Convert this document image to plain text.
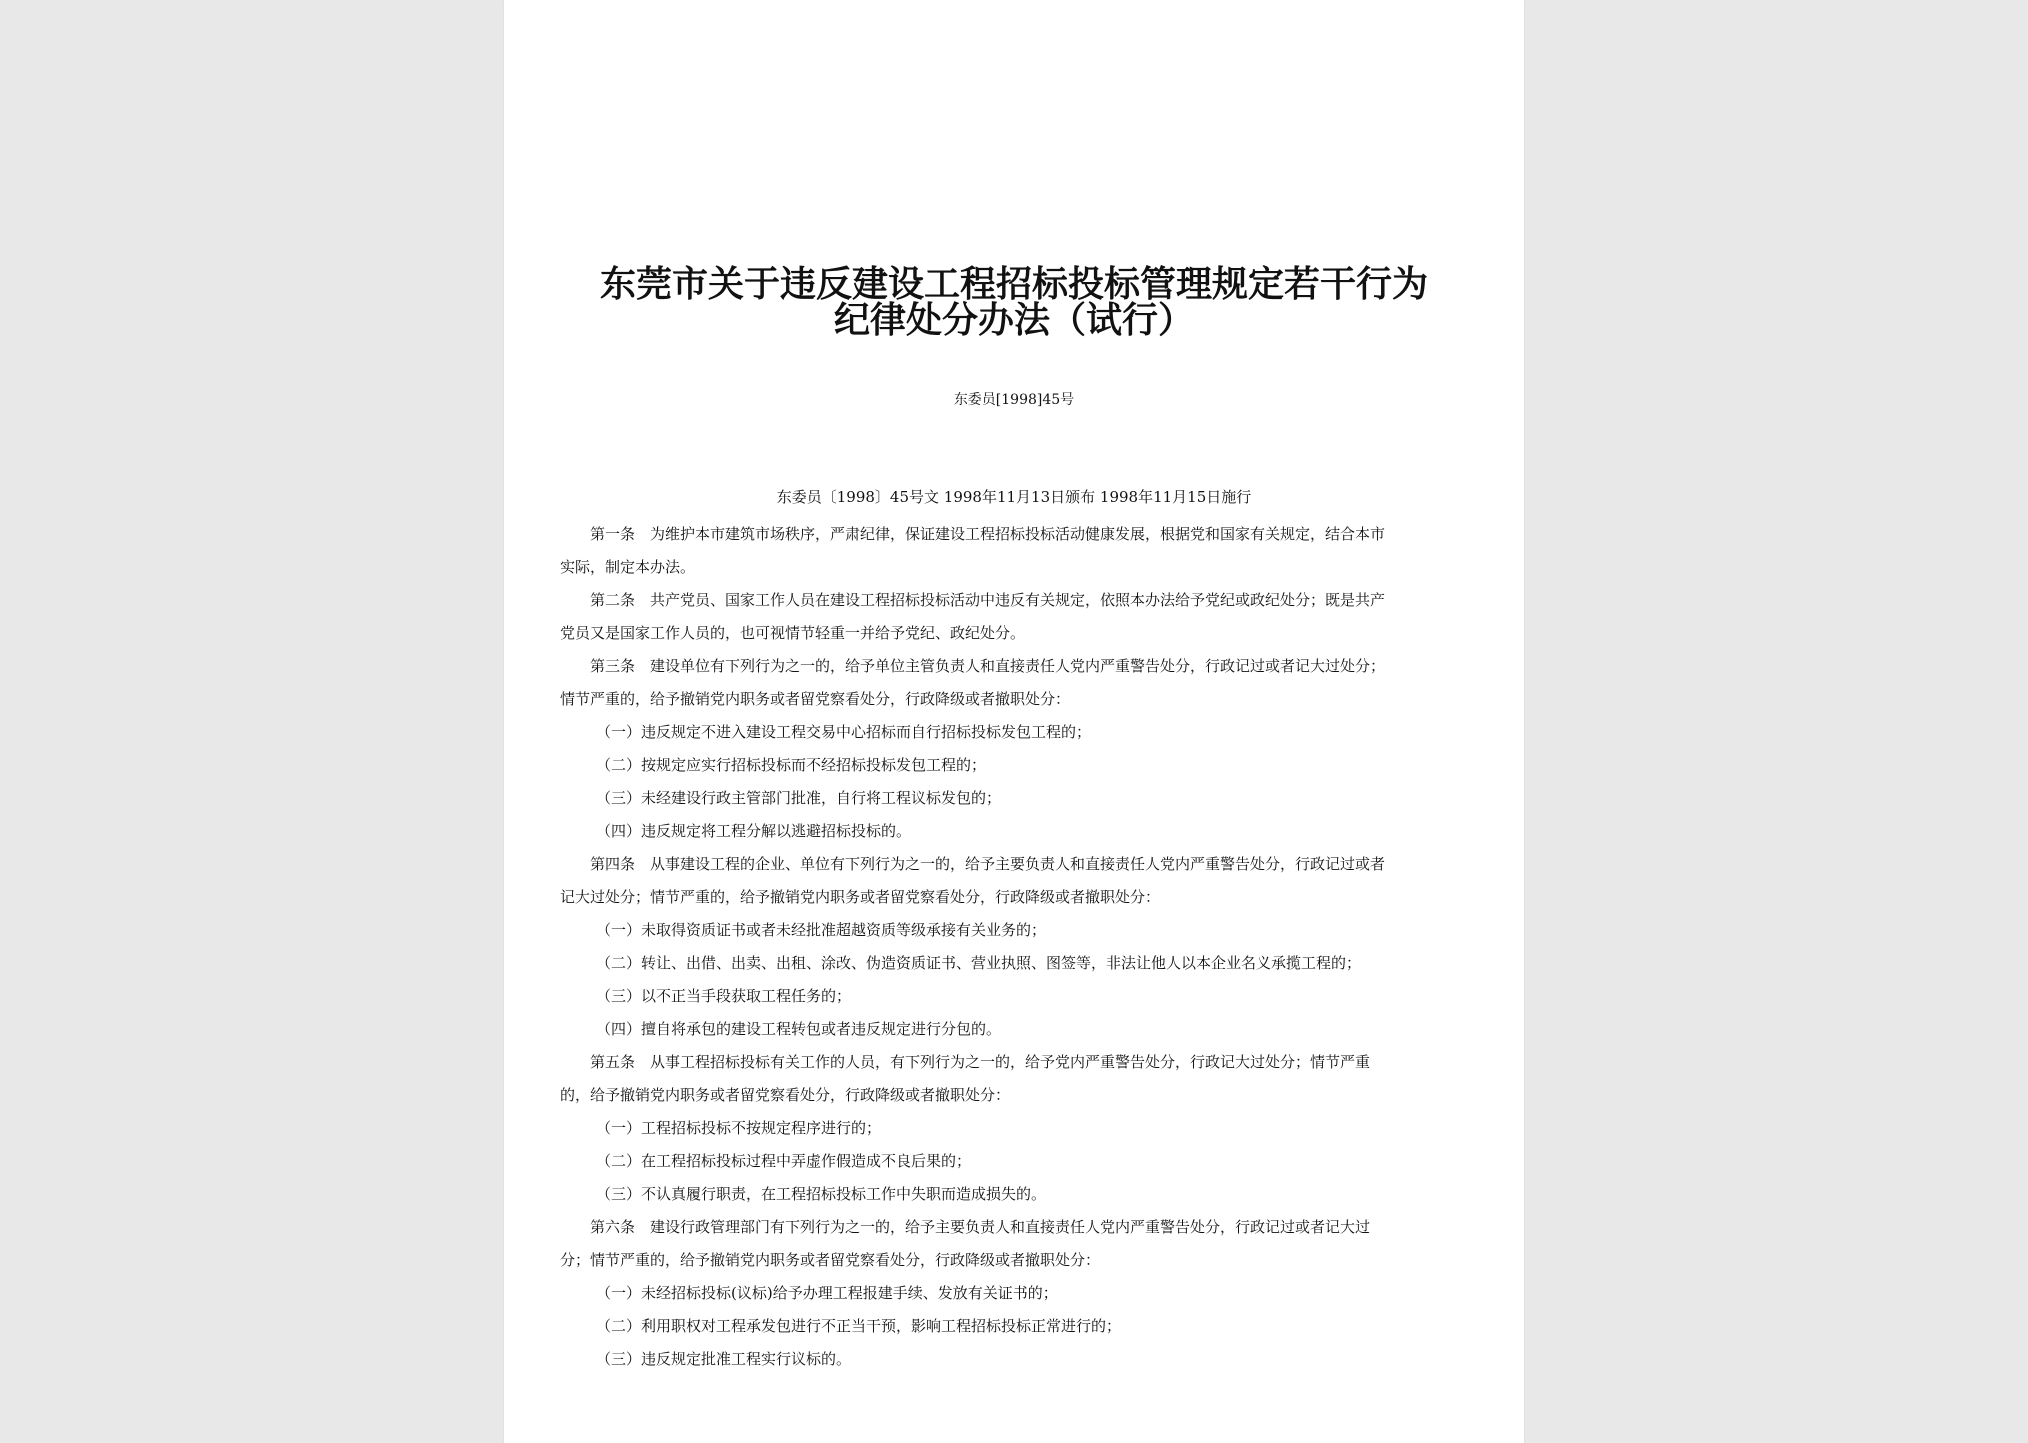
东莞市关于违反建设工程招标投标管理规定若干行为
纪律处分办法（试行）
东委员[1998]45号
东委员〔1998〕45号文 1998年11月13日颁布 1998年11月15日施行
第一条　为维护本市建筑市场秩序，严肃纪律，保证建设工程招标投标活动健康发展，根据党和国家有关规定，结合本市
实际，制定本办法。
第二条　共产党员、国家工作人员在建设工程招标投标活动中违反有关规定，依照本办法给予党纪或政纪处分；既是共产
党员又是国家工作人员的，也可视情节轻重一并给予党纪、政纪处分。
第三条　建设单位有下列行为之一的，给予单位主管负责人和直接责任人党内严重警告处分，行政记过或者记大过处分；
情节严重的，给予撤销党内职务或者留党察看处分，行政降级或者撤职处分：
（一）违反规定不进入建设工程交易中心招标而自行招标投标发包工程的；
（二）按规定应实行招标投标而不经招标投标发包工程的；
（三）未经建设行政主管部门批准，自行将工程议标发包的；
（四）违反规定将工程分解以逃避招标投标的。
第四条　从事建设工程的企业、单位有下列行为之一的，给予主要负责人和直接责任人党内严重警告处分，行政记过或者
记大过处分；情节严重的，给予撤销党内职务或者留党察看处分，行政降级或者撤职处分：
（一）未取得资质证书或者未经批准超越资质等级承接有关业务的；
（二）转让、出借、出卖、出租、涂改、伪造资质证书、营业执照、图签等，非法让他人以本企业名义承揽工程的；
（三）以不正当手段获取工程任务的；
（四）擅自将承包的建设工程转包或者违反规定进行分包的。
第五条　从事工程招标投标有关工作的人员，有下列行为之一的，给予党内严重警告处分，行政记大过处分；情节严重
的，给予撤销党内职务或者留党察看处分，行政降级或者撤职处分：
（一）工程招标投标不按规定程序进行的；
（二）在工程招标投标过程中弄虚作假造成不良后果的；
（三）不认真履行职责，在工程招标投标工作中失职而造成损失的。
第六条　建设行政管理部门有下列行为之一的，给予主要负责人和直接责任人党内严重警告处分，行政记过或者记大过
分；情节严重的，给予撤销党内职务或者留党察看处分，行政降级或者撤职处分：
（一）未经招标投标(议标)给予办理工程报建手续、发放有关证书的；
（二）利用职权对工程承发包进行不正当干预，影响工程招标投标正常进行的；
（三）违反规定批准工程实行议标的。
